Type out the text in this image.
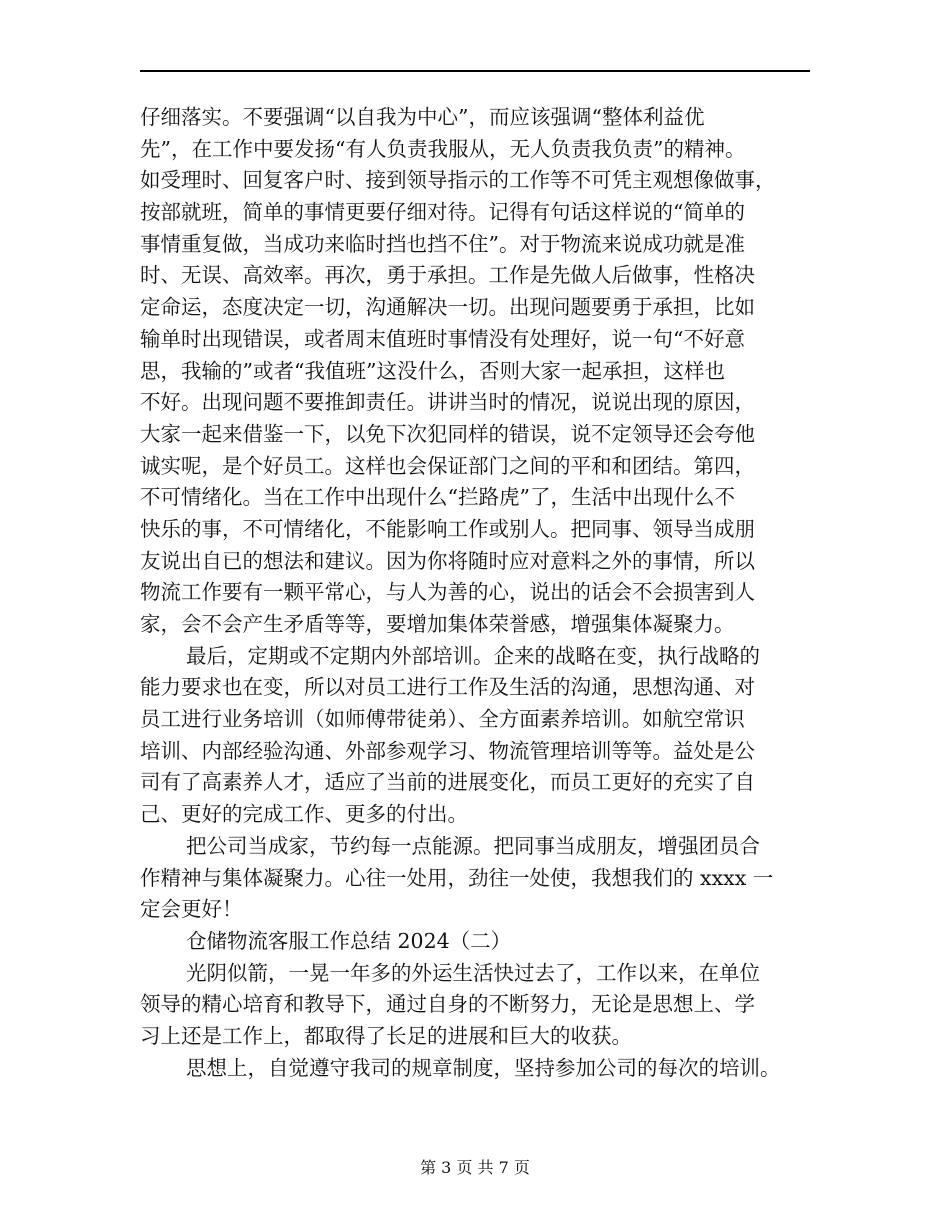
仔细落实。不要强调“以自我为中心”，而应该强调“整体利益优
先”，在工作中要发扬“有人负责我服从，无人负责我负责”的精神。
如受理时、回复客户时、接到领导指示的工作等不可凭主观想像做事，
按部就班，简单的事情更要仔细对待。记得有句话这样说的“简单的
事情重复做，当成功来临时挡也挡不住”。对于物流来说成功就是准
时、无误、高效率。再次，勇于承担。工作是先做人后做事，性格决
定命运，态度决定一切，沟通解决一切。出现问题要勇于承担，比如
输单时出现错误，或者周末值班时事情没有处理好，说一句“不好意
思，我输的”或者“我值班”这没什么，否则大家一起承担，这样也
不好。出现问题不要推卸责任。讲讲当时的情况，说说出现的原因，
大家一起来借鉴一下，以免下次犯同样的错误，说不定领导还会夸他
诚实呢，是个好员工。这样也会保证部门之间的平和和团结。第四，
不可情绪化。当在工作中出现什么“拦路虎”了，生活中出现什么不
快乐的事，不可情绪化，不能影响工作或别人。把同事、领导当成朋
友说出自已的想法和建议。因为你将随时应对意料之外的事情，所以
物流工作要有一颗平常心，与人为善的心，说出的话会不会损害到人
家，会不会产生矛盾等等，要增加集体荣誉感，增强集体凝聚力。
最后，定期或不定期内外部培训。企来的战略在变，执行战略的
能力要求也在变，所以对员工进行工作及生活的沟通，思想沟通、对
员工进行业务培训（如师傅带徒弟）、全方面素养培训。如航空常识
培训、内部经验沟通、外部参观学习、物流管理培训等等。益处是公
司有了高素养人才，适应了当前的进展变化，而员工更好的充实了自
己、更好的完成工作、更多的付出。
把公司当成家，节约每一点能源。把同事当成朋友，增强团员合
作精神与集体凝聚力。心往一处用，劲往一处使，我想我们的 xxxx 一
定会更好！
仓储物流客服工作总结 2024（二）
光阴似箭，一晃一年多的外运生活快过去了，工作以来，在单位
领导的精心培育和教导下，通过自身的不断努力，无论是思想上、学
习上还是工作上，都取得了长足的进展和巨大的收获。
思想上，自觉遵守我司的规章制度，坚持参加公司的每次的培训。
第 3 页 共 7 页
